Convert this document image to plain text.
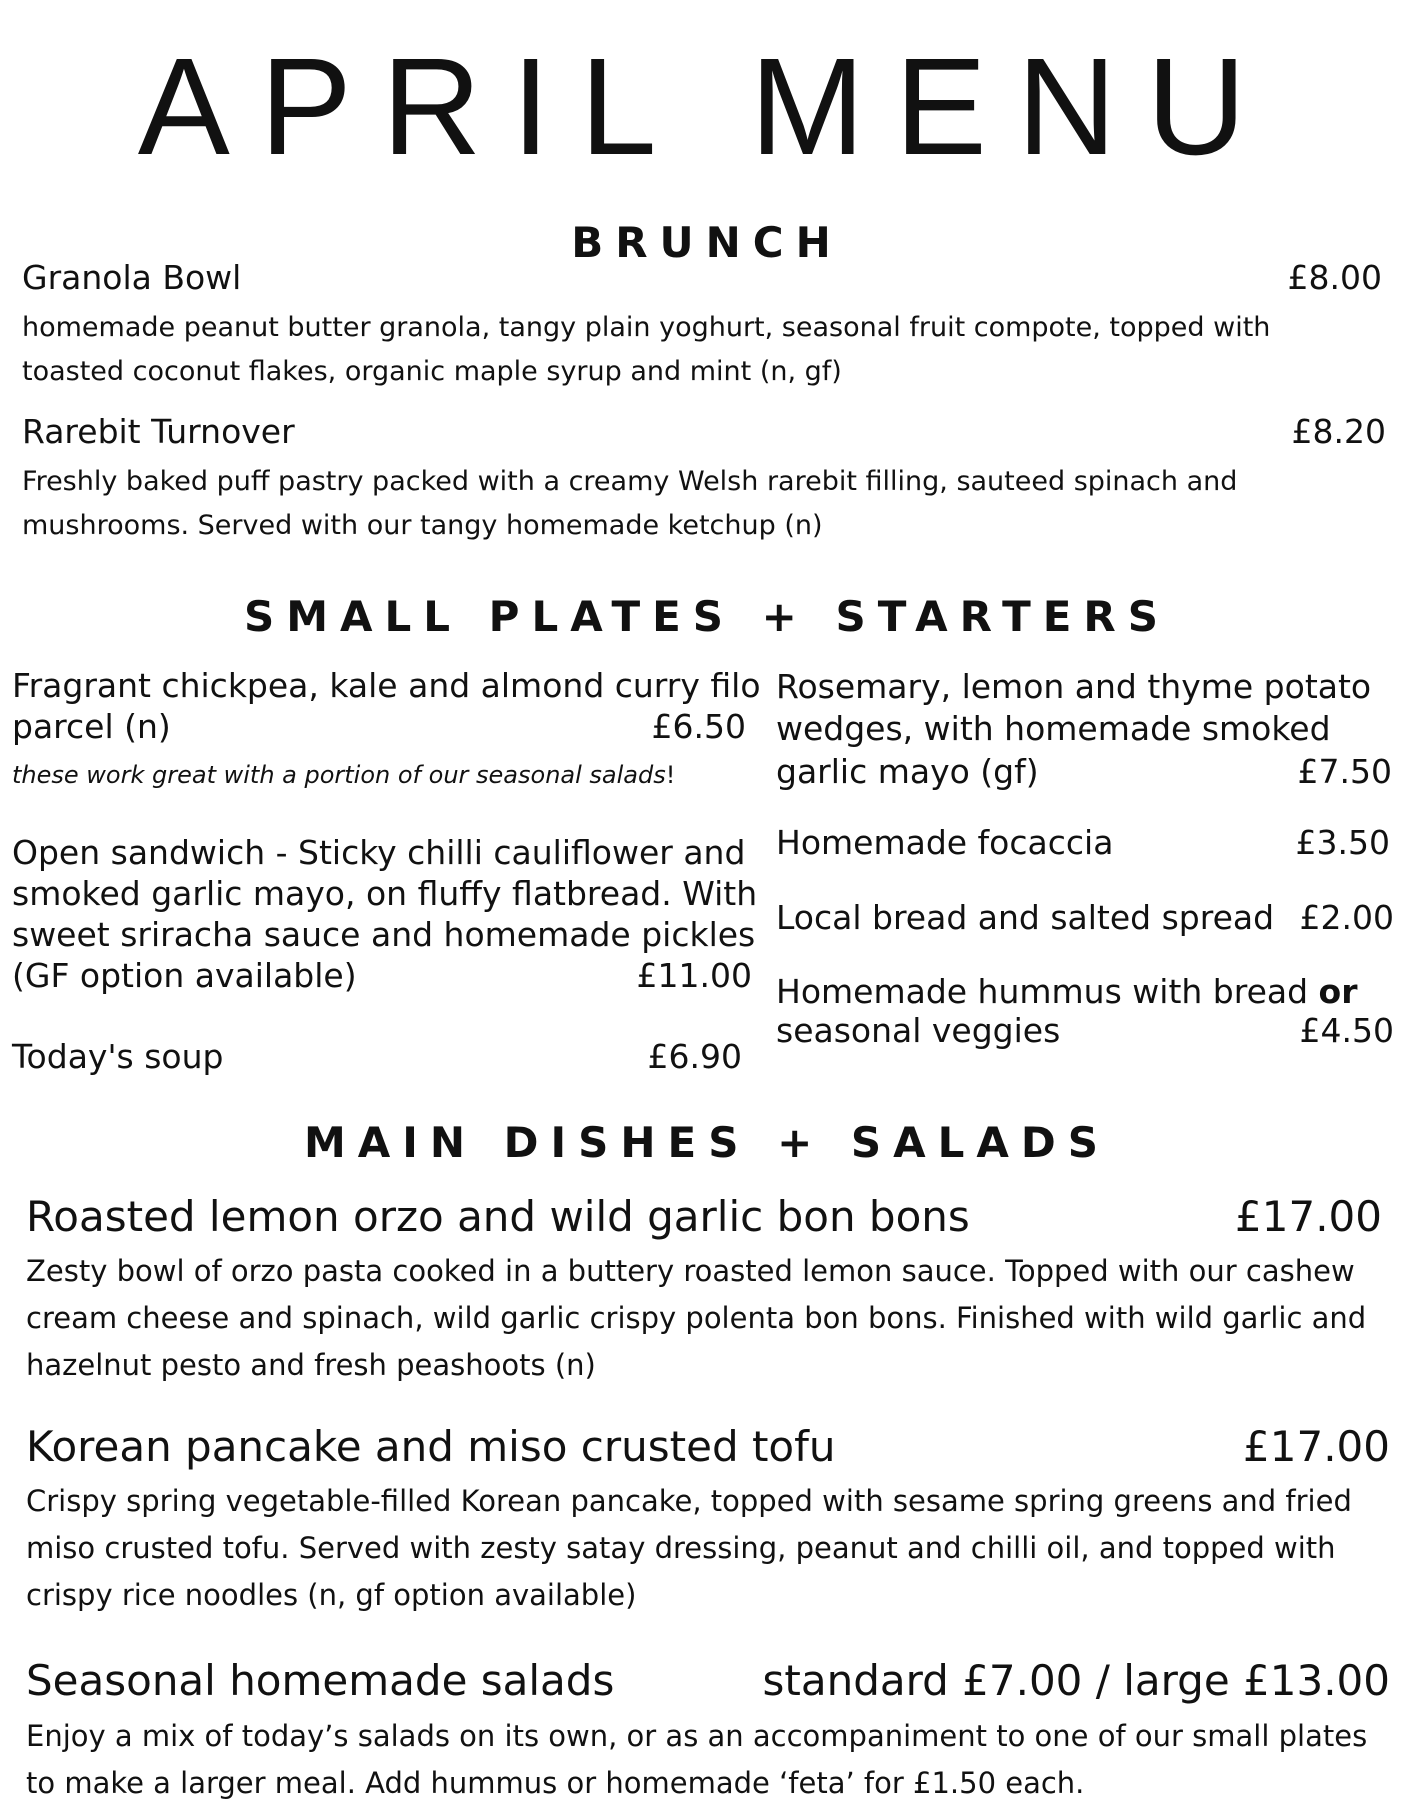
APRIL MENU
BRUNCH
Granola Bowl	£8.00
homemade peanut butter granola, tangy plain yoghurt, seasonal fruit compote, topped with toasted coconut flakes, organic maple syrup and mint (n, gf)
Rarebit Turnover	£8.20
Freshly baked puff pastry packed with a creamy Welsh rarebit filling, sauteed spinach and mushrooms. Served with our tangy homemade ketchup (n)
SMALL PLATES + STARTERS
Fragrant chickpea, kale and almond curry filo
parcel (n)	£6.50
these work great with a portion of our seasonal salads!
Open sandwich - Sticky chilli cauliflower and
smoked garlic mayo, on fluffy flatbread. With
sweet sriracha sauce and homemade pickles
(GF option available)	£11.00
Today's soup	£6.90
Rosemary, lemon and thyme potato
wedges, with homemade smoked
garlic mayo (gf)	£7.50
Homemade focaccia	£3.50
Local bread and salted spread £2.00
Homemade hummus with bread or
seasonal veggies	£4.50
MAIN DISHES + SALADS
Roasted lemon orzo and wild garlic bon bons	£17.00
Zesty bowl of orzo pasta cooked in a buttery roasted lemon sauce. Topped with our cashew cream cheese and spinach, wild garlic crispy polenta bon bons. Finished with wild garlic and hazelnut pesto and fresh peashoots (n)
Korean pancake and miso crusted tofu	£17.00
Crispy spring vegetable-filled Korean pancake, topped with sesame spring greens and fried miso crusted tofu. Served with zesty satay dressing, peanut and chilli oil, and topped with crispy rice noodles (n, gf option available)
Seasonal homemade salads	standard £7.00 / large £13.00
Enjoy a mix of today’s salads on its own, or as an accompaniment to one of our small plates to make a larger meal. Add hummus or homemade ‘feta’ for £1.50 each.
